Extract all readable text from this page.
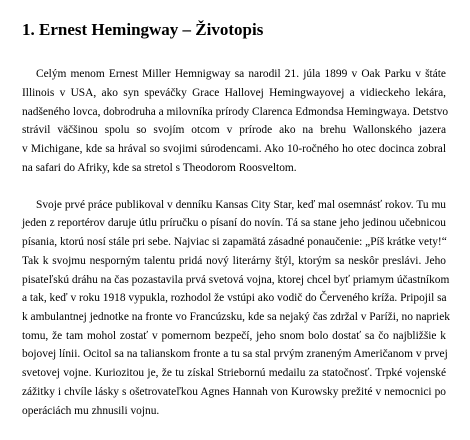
1. Ernest Hemingway – Životopis
Celým menom Ernest Miller Hemnigway sa narodil 21. júla 1899 v Oak Parku v štáte
Illinois v USA, ako syn speváčky Grace Hallovej Hemingwayovej a vidieckeho lekára,
nadšeného lovca, dobrodruha a milovníka prírody Clarenca Edmondsa Hemingwaya. Detstvo
strávil väčšinou spolu so svojím otcom v prírode ako na brehu Wallonského jazera
v Michigane, kde sa hrával so svojimi súrodencami. Ako 10-ročného ho otec docinca zobral
na safari do Afriky, kde sa stretol s Theodorom Roosveltom.
Svoje prvé práce publikoval v denníku Kansas City Star, keď mal osemnásť rokov. Tu mu
jeden z reportérov daruje útlu príručku o písaní do novín. Tá sa stane jeho jedinou učebnicou
písania, ktorú nosí stále pri sebe. Najviac si zapamätá zásadné ponaučenie: „Píš krátke vety!“
Tak k svojmu nesporným talentu pridá nový literárny štýl, ktorým sa neskôr preslávi. Jeho
pisateľskú dráhu na čas pozastavila prvá svetová vojna, ktorej chcel byť priamym účastníkom
a tak, keď v roku 1918 vypukla, rozhodol že vstúpi ako vodič do Červeného kríža. Pripojil sa
k ambulantnej jednotke na fronte vo Francúzsku, kde sa nejaký čas zdržal v Paríži, no napriek
tomu, že tam mohol zostať v pomernom bezpečí, jeho snom bolo dostať sa čo najbližšie k
bojovej línii. Ocitol sa na talianskom fronte a tu sa stal prvým zraneným Američanom v prvej
svetovej vojne. Kuriozitou je, že tu získal Striebornú medailu za statočnosť. Trpké vojenské
zážitky i chvíle lásky s ošetrovateľkou Agnes Hannah von Kurowsky prežité v nemocnici po
operáciách mu zhnusili vojnu.
